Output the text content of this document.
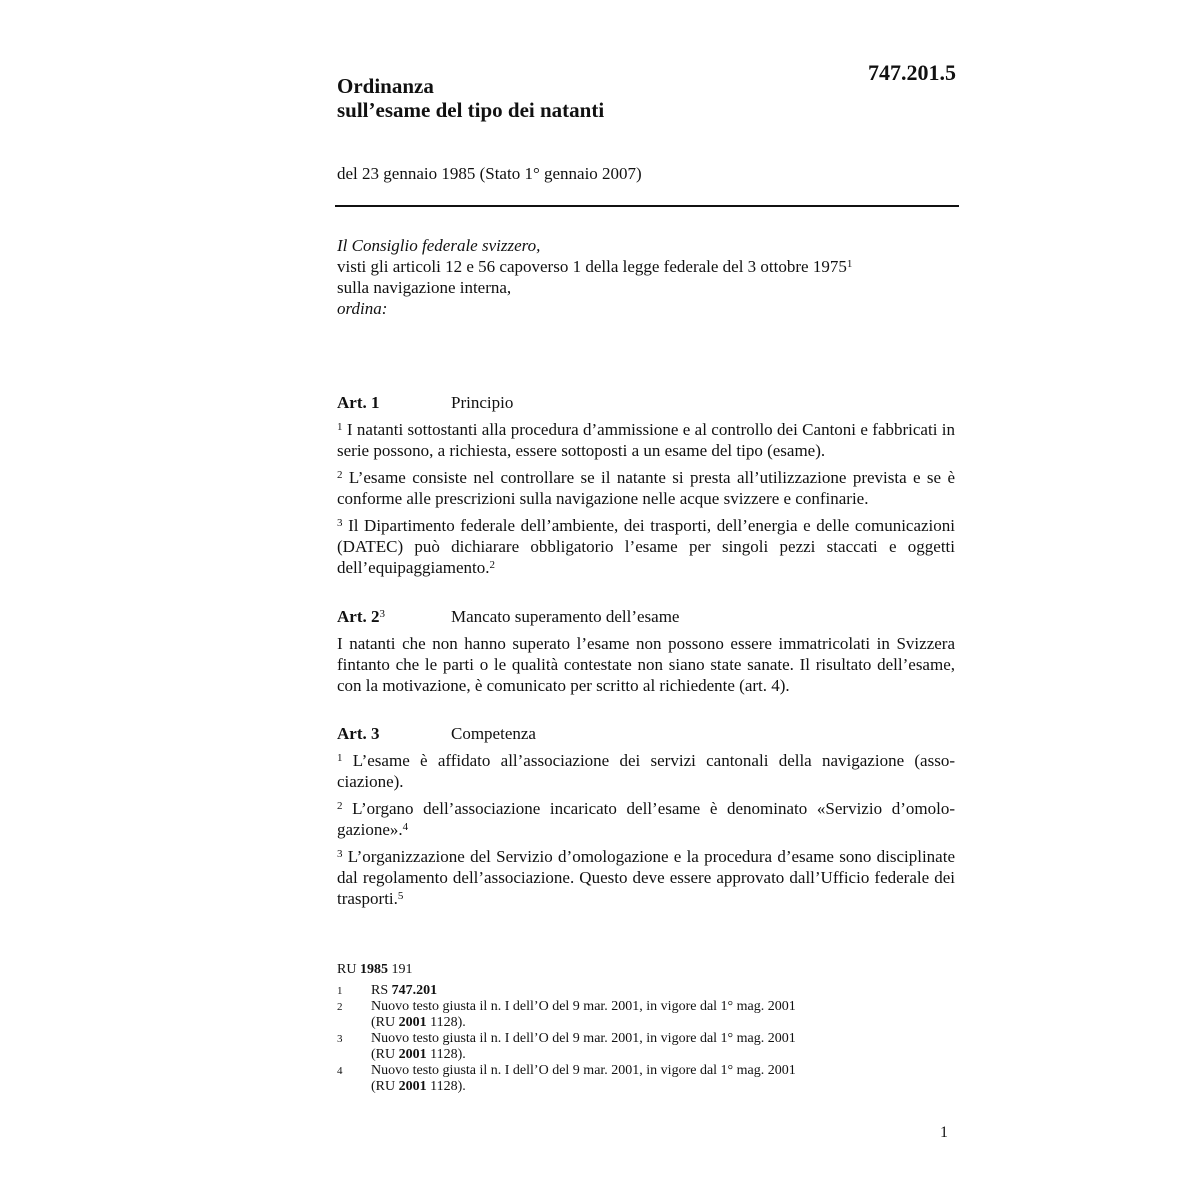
747.201.5
Ordinanza
sull’esame del tipo dei natanti
del 23 gennaio 1985 (Stato 1° gennaio 2007)
Il Consiglio federale svizzero,
visti gli articoli 12 e 56 capoverso 1 della legge federale del 3 ottobre 1975$^1$
sulla navigazione interna,
ordina:
Art. 1	Principio
$^1$ I natanti sottostanti alla procedura d’ammissione e al controllo dei Cantoni e fabbricati in serie possono, a richiesta, essere sottoposti a un esame del tipo (esame).
$^2$ L’esame consiste nel controllare se il natante si presta all’utilizzazione prevista e se è conforme alle prescrizioni sulla navigazione nelle acque svizzere e confinarie.
$^3$ Il Dipartimento federale dell’ambiente, dei trasporti, dell’energia e delle comunicazioni (DATEC) può dichiarare obbligatorio l’esame per singoli pezzi staccati e oggetti dell’equipaggiamento.$^2$
Art. $2^3$	Mancato superamento dell’esame
I natanti che non hanno superato l’esame non possono essere immatricolati in Svizzera fintanto che le parti o le qualità contestate non siano state sanate. Il risultato dell’esame, con la motivazione, è comunicato per scritto al richiedente (art. 4).
Art. 3	Competenza
$^1$ L’esame è affidato all’associazione dei servizi cantonali della navigazione (associazione).
$^2$ L’organo dell’associazione incaricato dell’esame è denominato «Servizio d’omologazione».$^4$
$^3$ L’organizzazione del Servizio d’omologazione e la procedura d’esame sono disciplinate dal regolamento dell’associazione. Questo deve essere approvato dall’Ufficio federale dei trasporti.$^5$
RU 1985 191
1	RS 747.201
2	Nuovo testo giusta il n. I dell’O del 9 mar. 2001, in vigore dal 1° mag. 2001
(RU 2001 1128).
3	Nuovo testo giusta il n. I dell’O del 9 mar. 2001, in vigore dal 1° mag. 2001
(RU 2001 1128).
4	Nuovo testo giusta il n. I dell’O del 9 mar. 2001, in vigore dal 1° mag. 2001
(RU 2001 1128).
1
